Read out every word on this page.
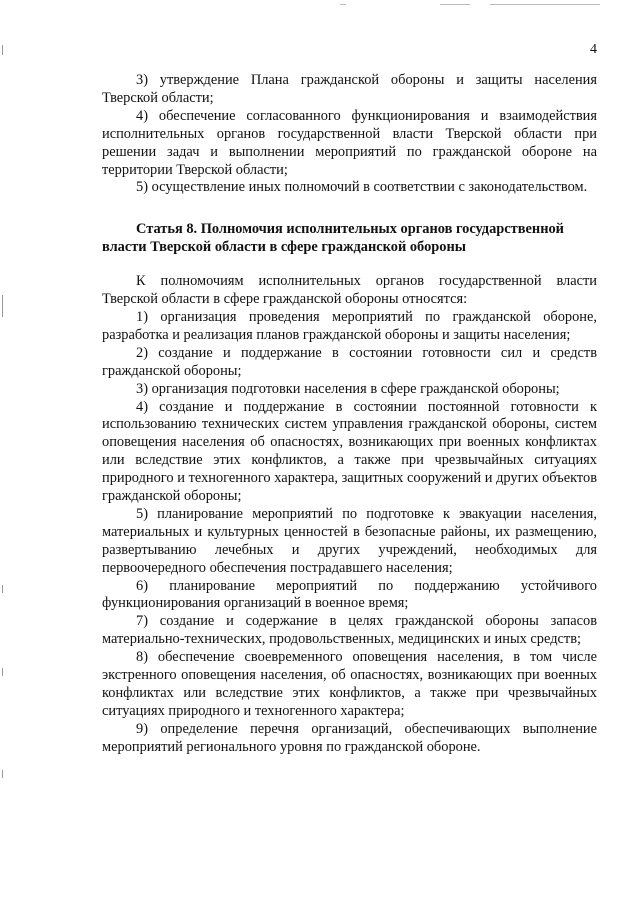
4

3) утверждение Плана гражданской обороны и защиты населения Тверской области;

4) обеспечение согласованного функционирования и взаимодействия исполнительных органов государственной власти Тверской области при решении задач и выполнении мероприятий по гражданской обороне на территории Тверской области;

5) осуществление иных полномочий в соответствии с законодательством.

Статья 8. Полномочия исполнительных органов государственной
власти Тверской области в сфере гражданской обороны

К полномочиям исполнительных органов государственной власти Тверской области в сфере гражданской обороны относятся:

1) организация проведения мероприятий по гражданской обороне, разработка и реализация планов гражданской обороны и защиты населения;

2) создание и поддержание в состоянии готовности сил и средств гражданской обороны;

3) организация подготовки населения в сфере гражданской обороны;

4) создание и поддержание в состоянии постоянной готовности к использованию технических систем управления гражданской обороны, систем оповещения населения об опасностях, возникающих при военных конфликтах или вследствие этих конфликтов, а также при чрезвычайных ситуациях природного и техногенного характера, защитных сооружений и других объектов гражданской обороны;

5) планирование мероприятий по подготовке к эвакуации населения, материальных и культурных ценностей в безопасные районы, их размещению, развертыванию лечебных и других учреждений, необходимых для первоочередного обеспечения пострадавшего населения;

6) планирование мероприятий по поддержанию устойчивого функционирования организаций в военное время;

7) создание и содержание в целях гражданской обороны запасов материально-технических, продовольственных, медицинских и иных средств;

8) обеспечение своевременного оповещения населения, в том числе экстренного оповещения населения, об опасностях, возникающих при военных конфликтах или вследствие этих конфликтов, а также при чрезвычайных ситуациях природного и техногенного характера;

9) определение перечня организаций, обеспечивающих выполнение мероприятий регионального уровня по гражданской обороне.
